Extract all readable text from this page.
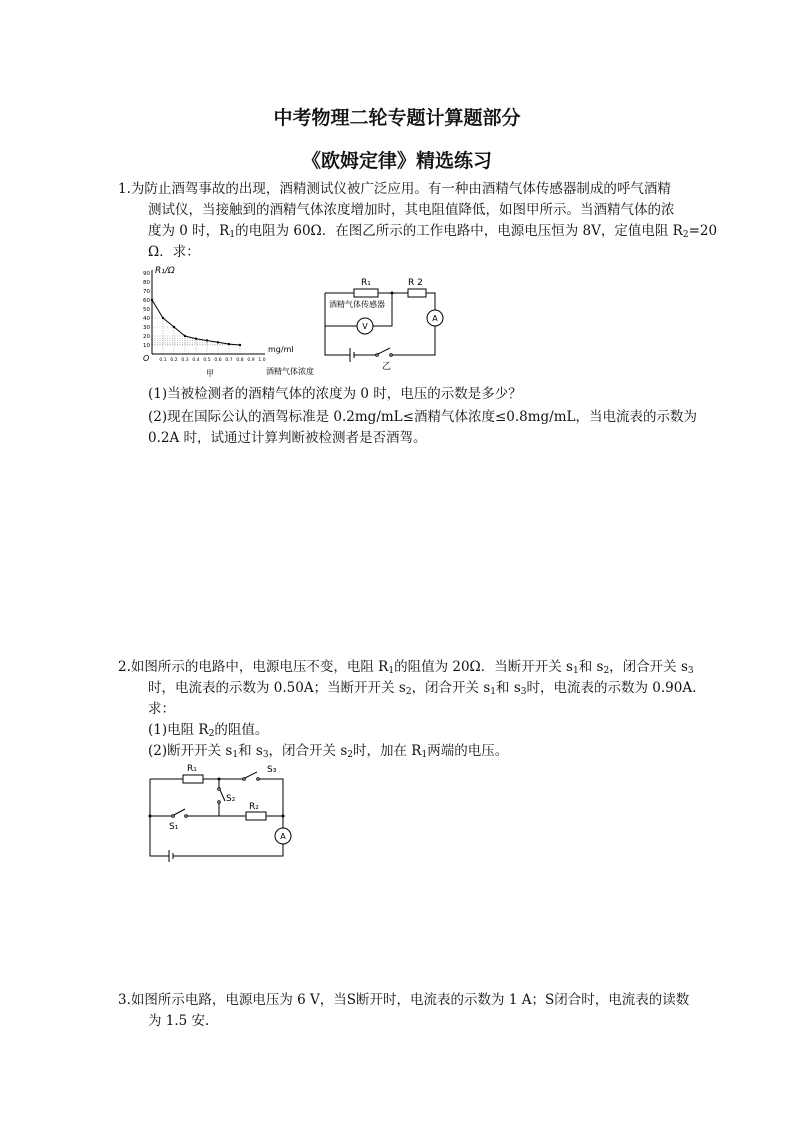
中考物理二轮专题计算题部分
《欧姆定律》精选练习
1.为防止酒驾事故的出现，酒精测试仪被广泛应用。有一种由酒精气体传感器制成的呼气酒精
测试仪，当接触到的酒精气体浓度增加时，其电阻值降低，如图甲所示。当酒精气体的浓
度为 0 时，$R_1$的电阻为 60Ω．在图乙所示的工作电路中，电源电压恒为 8V，定值电阻 $R_2=20$
Ω．求：
90
80
70
60
50
40
30
20
10
0.1 0.2 0.3 0.4 0.5 0.6 0.7 0.8 0.9 1.0
R₁/Ω
O
mg/ml
酒精气体浓度
甲
R₁	R 2
酒精气体传感器
V
A
乙
(1)当被检测者的酒精气体的浓度为 0 时，电压的示数是多少？
(2)现在国际公认的酒驾标准是 0.2mg/mL≤酒精气体浓度≤0.8mg/mL，当电流表的示数为
0.2A 时，试通过计算判断被检测者是否酒驾。
2.如图所示的电路中，电源电压不变，电阻 $R_1$的阻值为 20Ω．当断开开关 $s_1$和 $s_2$，闭合开关 $s_3$
时，电流表的示数为 0.50A；当断开开关 $s_2$，闭合开关 $s_1$和 $s_3$时，电流表的示数为 0.90A.
求：
(1)电阻 $R_2$的阻值。
(2)断开开关 $s_1$和 $s_3$，闭合开关 $s_2$时，加在 $R_1$两端的电压。
R₁
R₂
S₃
S₂
S₁
A
3.如图所示电路，电源电压为 6 V，当S断开时，电流表的示数为 1 A；S闭合时，电流表的读数
为 1.5 安.
